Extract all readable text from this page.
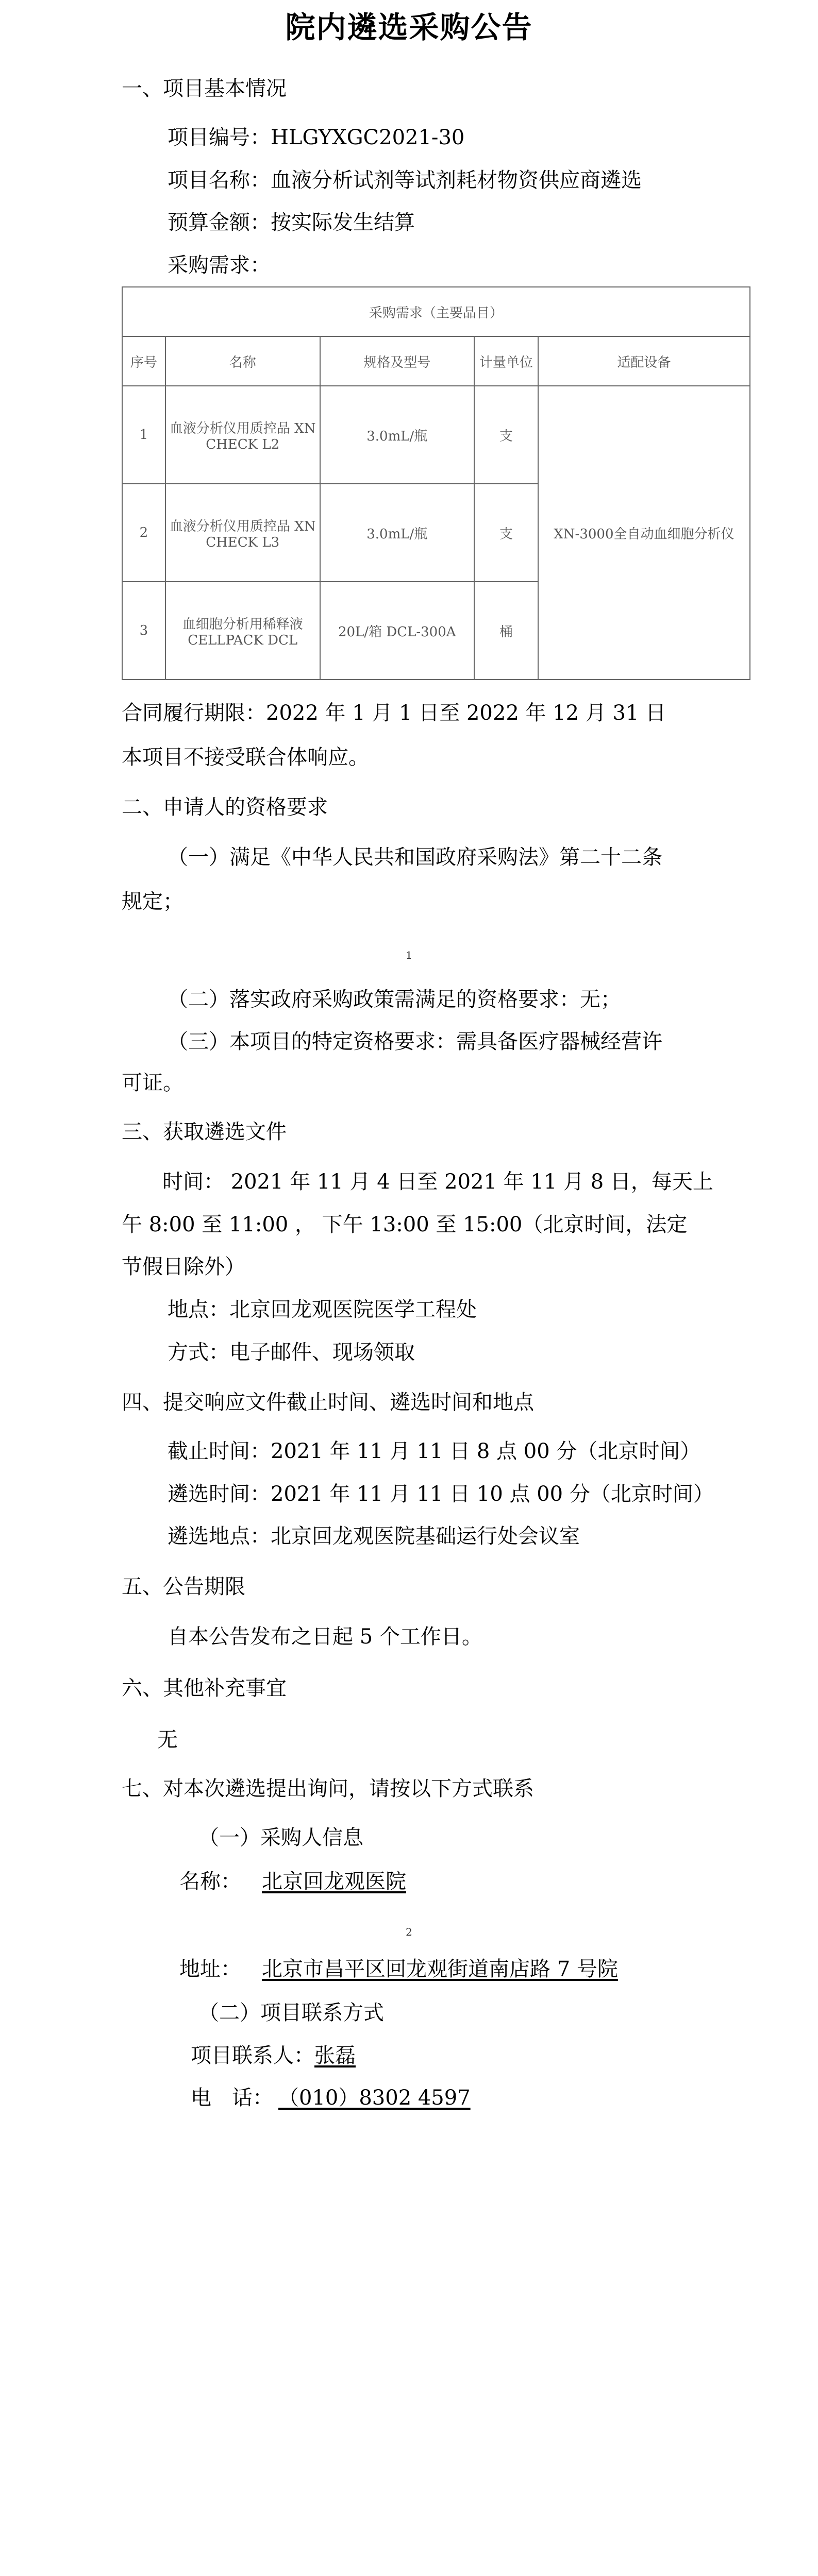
院内遴选采购公告
一、项目基本情况
项目编号：HLGYXGC2021-30
项目名称：血液分析试剂等试剂耗材物资供应商遴选
预算金额：按实际发生结算
采购需求：
采购需求（主要品目）				
序号	名称	规格及型号	计量单位	适配设备
1	血液分析仪用质控品 XN CHECK L2	3.0mL/瓶	支	XN-3000全自动血细胞分析仪
2	血液分析仪用质控品 XN CHECK L3	3.0mL/瓶	支	
3	血细胞分析用稀释液 CELLPACK DCL	20L/箱 DCL-300A	桶	
合同履行期限：2022 年 1 月 1 日至 2022 年 12 月 31 日
本项目不接受联合体响应。
二、申请人的资格要求
（一）满足《中华人民共和国政府采购法》第二十二条
规定；
1
（二）落实政府采购政策需满足的资格要求：无；
（三）本项目的特定资格要求：需具备医疗器械经营许
可证。
三、获取遴选文件
时间： 2021 年 11 月 4 日至 2021 年 11 月 8 日，每天上
午 8:00 至 11:00 ， 下午 13:00 至 15:00（北京时间，法定
节假日除外）
地点：北京回龙观医院医学工程处
方式：电子邮件、现场领取
四、提交响应文件截止时间、遴选时间和地点
截止时间：2021 年 11 月 11 日 8 点 00 分（北京时间）
遴选时间：2021 年 11 月 11 日 10 点 00 分（北京时间）
遴选地点：北京回龙观医院基础运行处会议室
五、公告期限
自本公告发布之日起 5 个工作日。
六、其他补充事宜
无
七、对本次遴选提出询问，请按以下方式联系
（一）采购人信息
名称： 北京回龙观医院
2
地址： 北京市昌平区回龙观街道南店路 7 号院
（二）项目联系方式
项目联系人：张磊
电　话： （010）8302 4597
